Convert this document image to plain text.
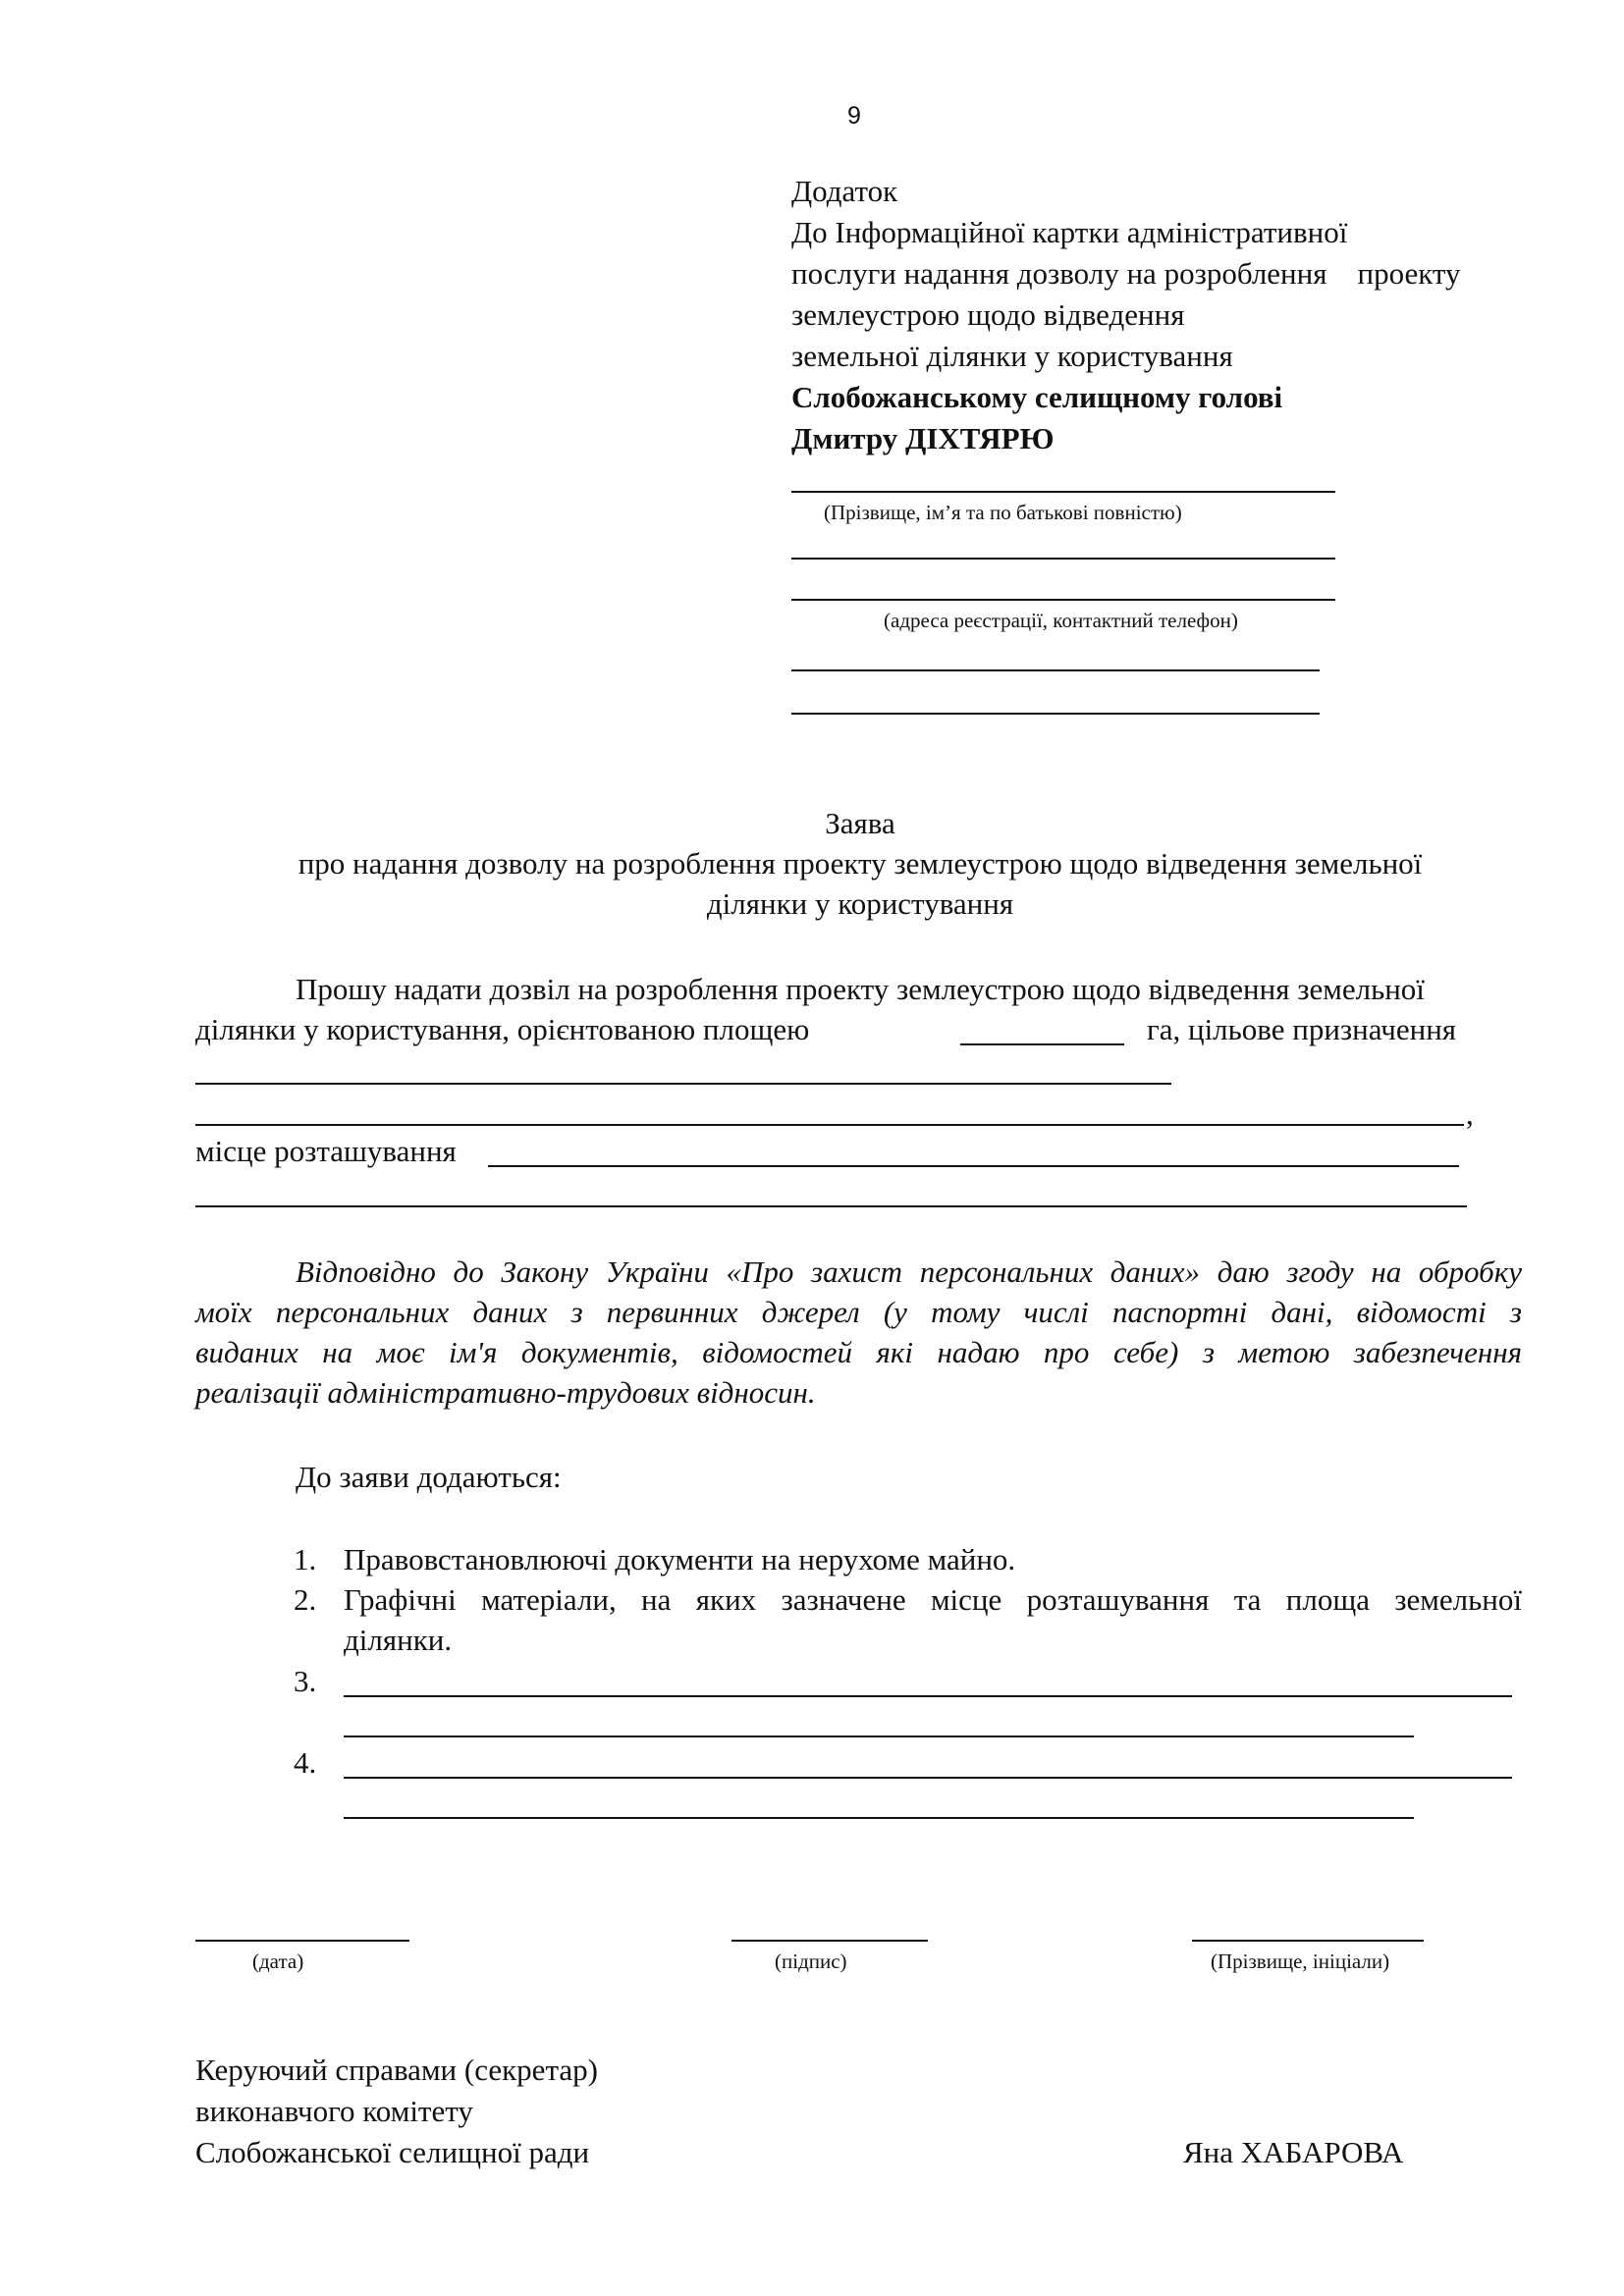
9
Додаток
До Інформаційної картки адміністративної
послуги надання дозволу на розроблення    проекту
землеустрою щодо відведення
земельної ділянки у користування
Слобожанському селищному голові
Дмитру ДІХТЯРЮ
(Прізвище, ім’я та по батькові повністю)
(адреса реєстрації, контактний телефон)
Заява
про надання дозволу на розроблення проекту землеустрою щодо відведення земельної
ділянки у користування
Прошу надати дозвіл на розроблення проекту землеустрою щодо відведення земельної
ділянки у користування, орієнтованою площею	га, цільове призначення
,
місце розташування
Відповідно до Закону України «Про захист персональних даних» даю згоду на обробку
моїх персональних даних з первинних джерел (у тому числі паспортні дані, відомості з
виданих на моє ім'я документів, відомостей які надаю про себе) з метою забезпечення
реалізації адміністративно-трудових відносин.
До заяви додаються:
1. Правовстановлюючі документи на нерухоме майно.
2. Графічні матеріали, на яких зазначене місце розташування та площа земельної
ділянки.
3.
4.
(дата)	(підпис)	(Прізвище, ініціали)
Керуючий справами (секретар)
виконавчого комітету
Слобожанської селищної ради	Яна ХАБАРОВА
